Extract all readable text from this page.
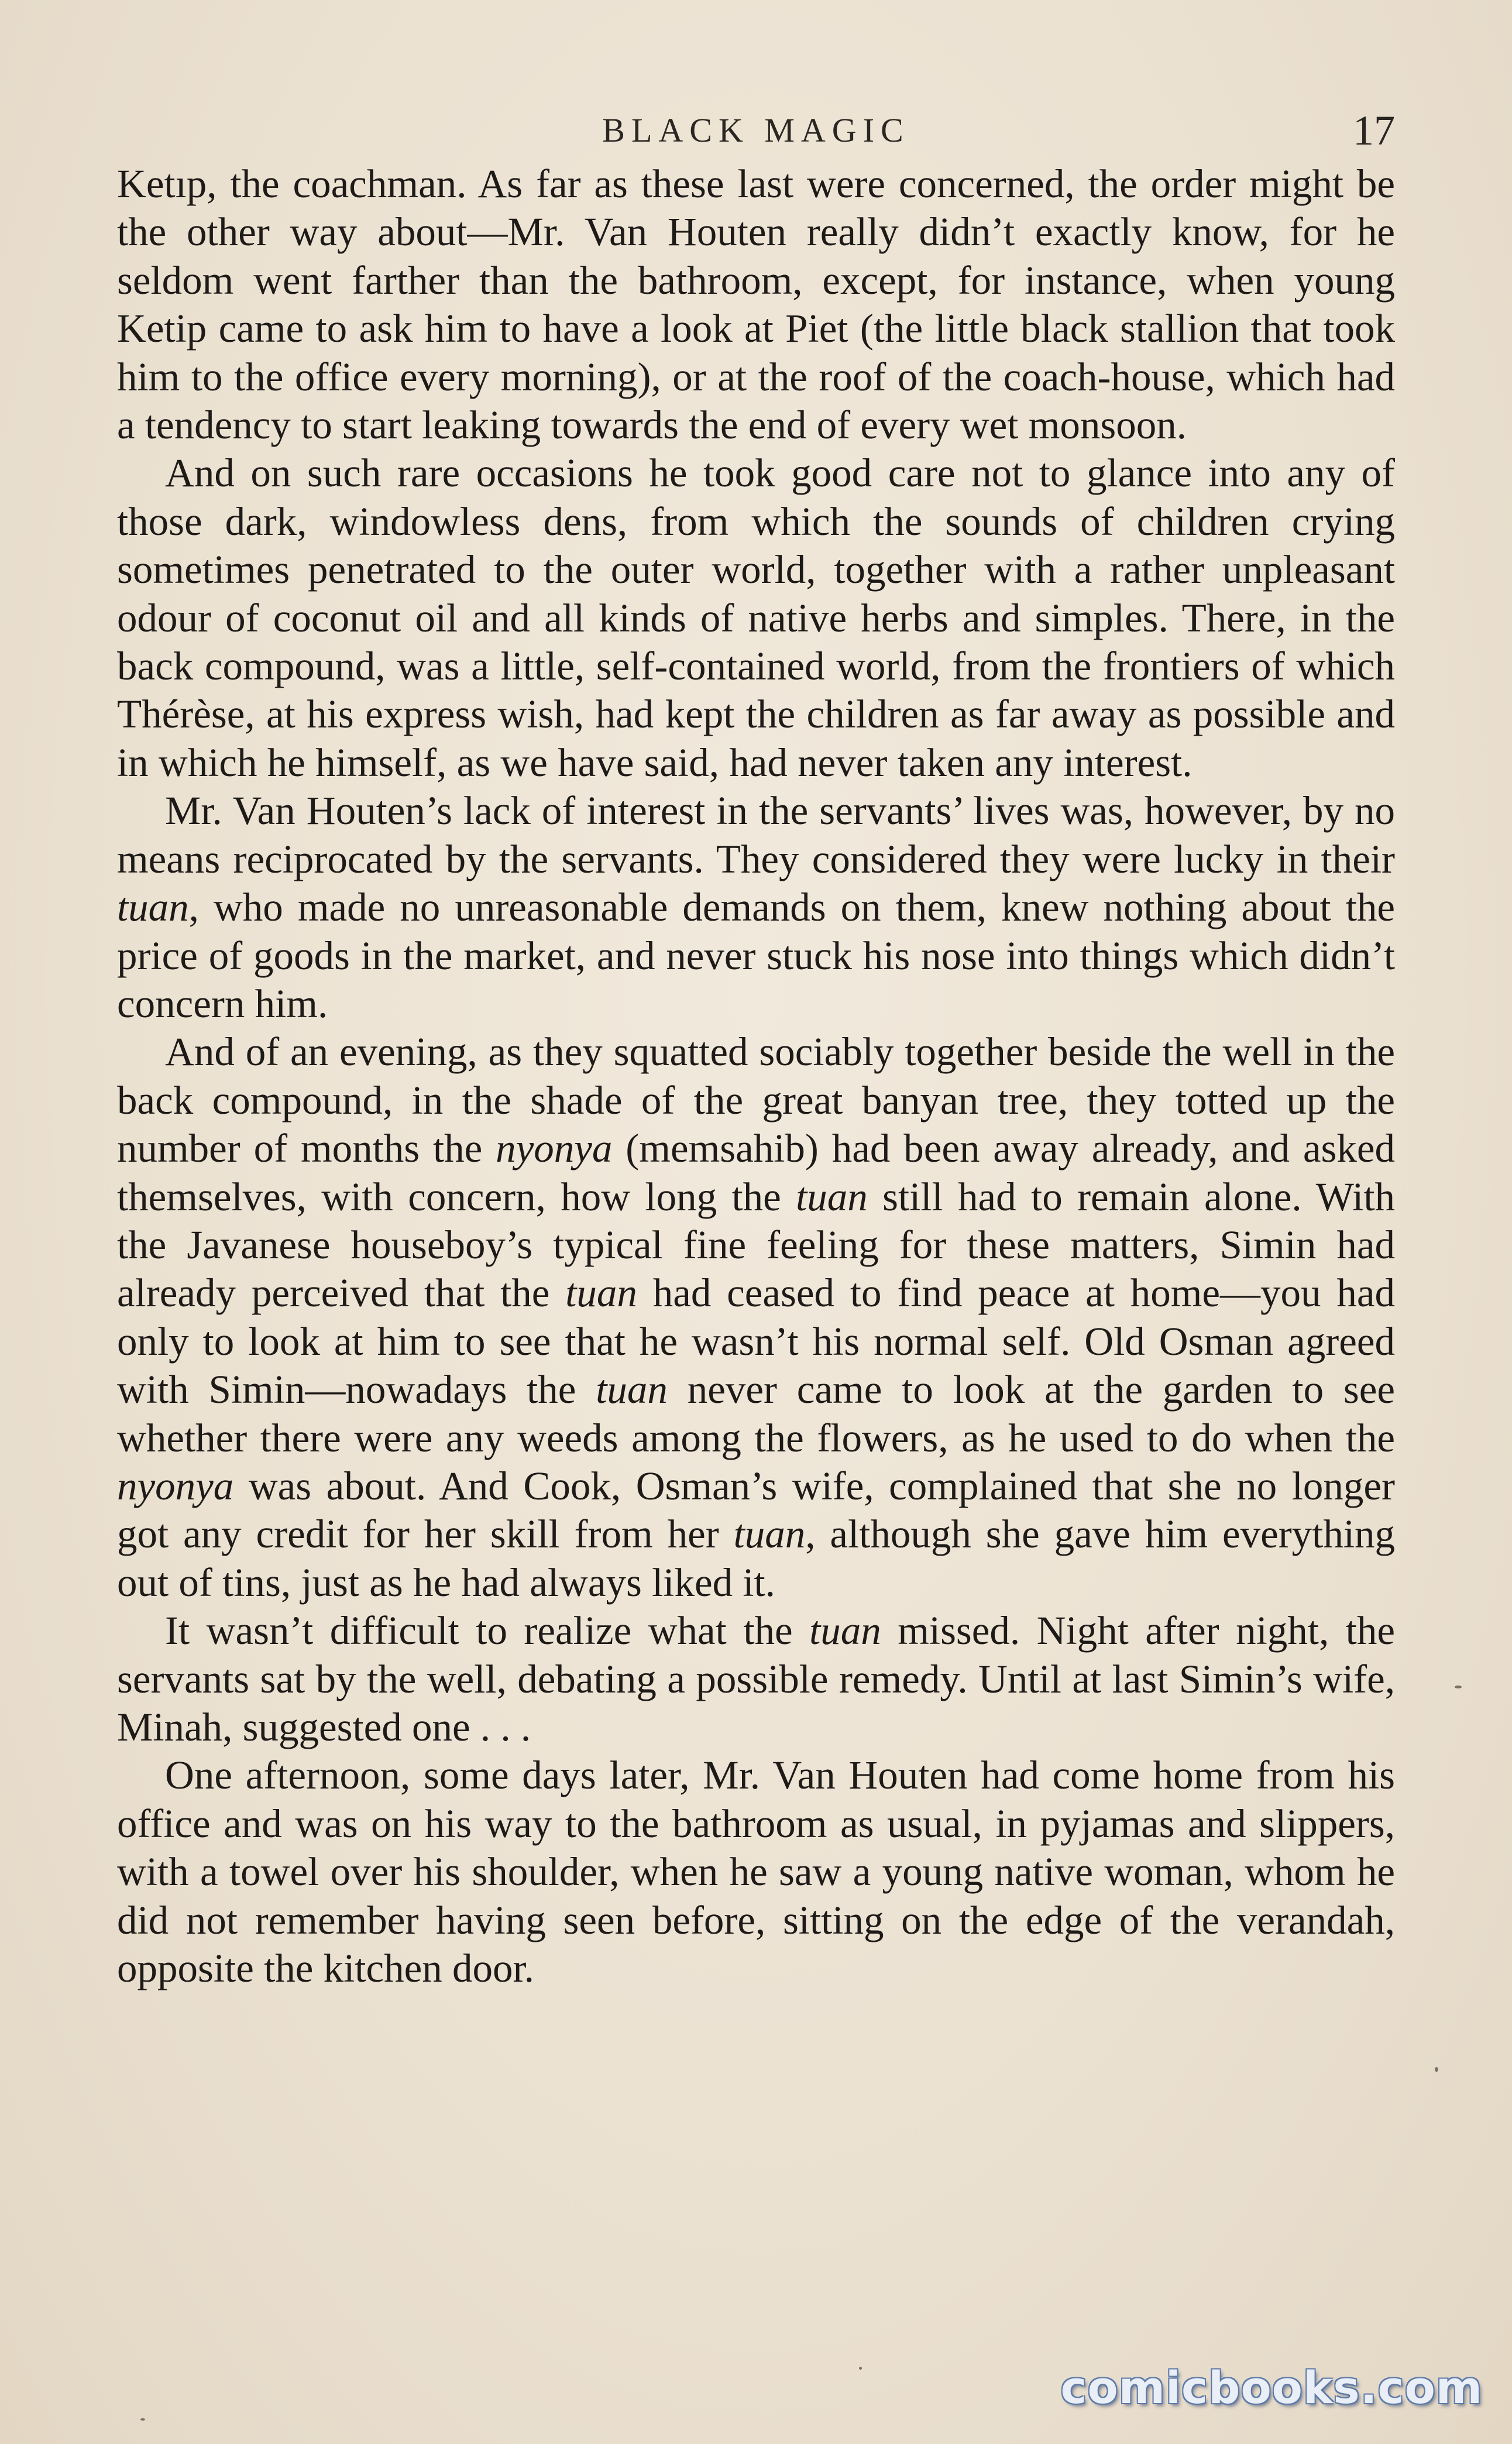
BLACK MAGIC	17

Ketıp, the coachman. As far as these last were concerned, the order might be the other way about—Mr. Van Houten really didn’t exactly know, for he seldom went farther than the bathroom, except, for instance, when young Ketip came to ask him to have a look at Piet (the little black stallion that took him to the office every morning), or at the roof of the coach-house, which had a tendency to start leaking towards the end of every wet monsoon.

And on such rare occasions he took good care not to glance into any of those dark, windowless dens, from which the sounds of children crying sometimes penetrated to the outer world, together with a rather unpleasant odour of coconut oil and all kinds of native herbs and simples. There, in the back compound, was a little, self-contained world, from the frontiers of which Thérèse, at his express wish, had kept the children as far away as possible and in which he himself, as we have said, had never taken any interest.

Mr. Van Houten’s lack of interest in the servants’ lives was, however, by no means reciprocated by the servants. They considered they were lucky in their tuan, who made no unreasonable demands on them, knew nothing about the price of goods in the market, and never stuck his nose into things which didn’t concern him.

And of an evening, as they squatted sociably together beside the well in the back compound, in the shade of the great banyan tree, they totted up the number of months the nyonya (memsahib) had been away already, and asked themselves, with concern, how long the tuan still had to remain alone. With the Javanese houseboy’s typical fine feeling for these matters, Simin had already perceived that the tuan had ceased to find peace at home—you had only to look at him to see that he wasn’t his normal self. Old Osman agreed with Simin—nowadays the tuan never came to look at the garden to see whether there were any weeds among the flowers, as he used to do when the nyonya was about. And Cook, Osman’s wife, complained that she no longer got any credit for her skill from her tuan, although she gave him everything out of tins, just as he had always liked it.

It wasn’t difficult to realize what the tuan missed. Night after night, the servants sat by the well, debating a possible remedy. Until at last Simin’s wife, Minah, suggested one . . .

One afternoon, some days later, Mr. Van Houten had come home from his office and was on his way to the bathroom as usual, in pyjamas and slippers, with a towel over his shoulder, when he saw a young native woman, whom he did not remember having seen before, sitting on the edge of the verandah, opposite the kitchen door.

comicbooks.com
